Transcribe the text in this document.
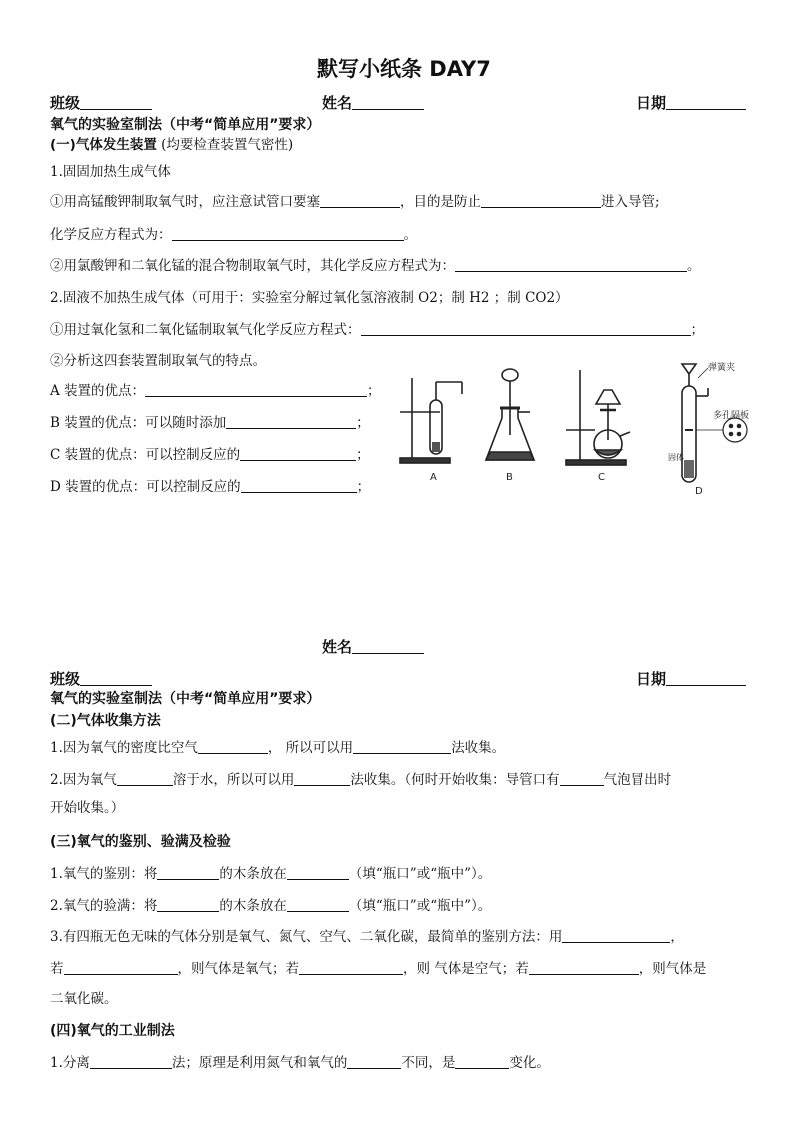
默写小纸条 DAY7
班级	姓名	日期
氧气的实验室制法（中考“简单应用”要求）
(一)气体发生装置 (均要检查装置气密性)
1.固固加热生成气体
①用高锰酸钾制取氧气时，应注意试管口要塞	，目的是防止	进入导管;
化学反应方程式为：	。
②用氯酸钾和二氧化锰的混合物制取氧气时，其化学反应方程式为：	。
2.固液不加热生成气体（可用于：实验室分解过氧化氢溶液制 O2；制 H2 ；制 CO2）
①用过氧化氢和二氧化锰制取氧气化学反应方程式：	；
②分析这四套装置制取氧气的特点。
A 装置的优点：	；
B 装置的优点：可以随时添加	；
C 装置的优点：可以控制反应的	；
D 装置的优点：可以控制反应的	；
A	B	C
D
弹簧夹
多孔隔板
固体
姓名
班级	日期
氧气的实验室制法（中考“简单应用”要求）
(二)气体收集方法
1.因为氧气的密度比空气	， 所以可以用	法收集。
2.因为氧气	溶于水，所以可以用	法收集。（何时开始收集：导管口有	气泡冒出时
开始收集。）
(三)氧气的鉴别、验满及检验
1.氧气的鉴别：将	的木条放在	（填“瓶口”或“瓶中”）。
2.氧气的验满：将	的木条放在	（填“瓶口”或“瓶中”）。
3.有四瓶无色无味的气体分别是氧气、氮气、空气、二氧化碳，最简单的鉴别方法：用	，
若	，则气体是氧气；若	，则 气体是空气；若	，则气体是
二氧化碳。
(四)氧气的工业制法
1.分离	法；原理是利用氮气和氧气的	不同，是	变化。
